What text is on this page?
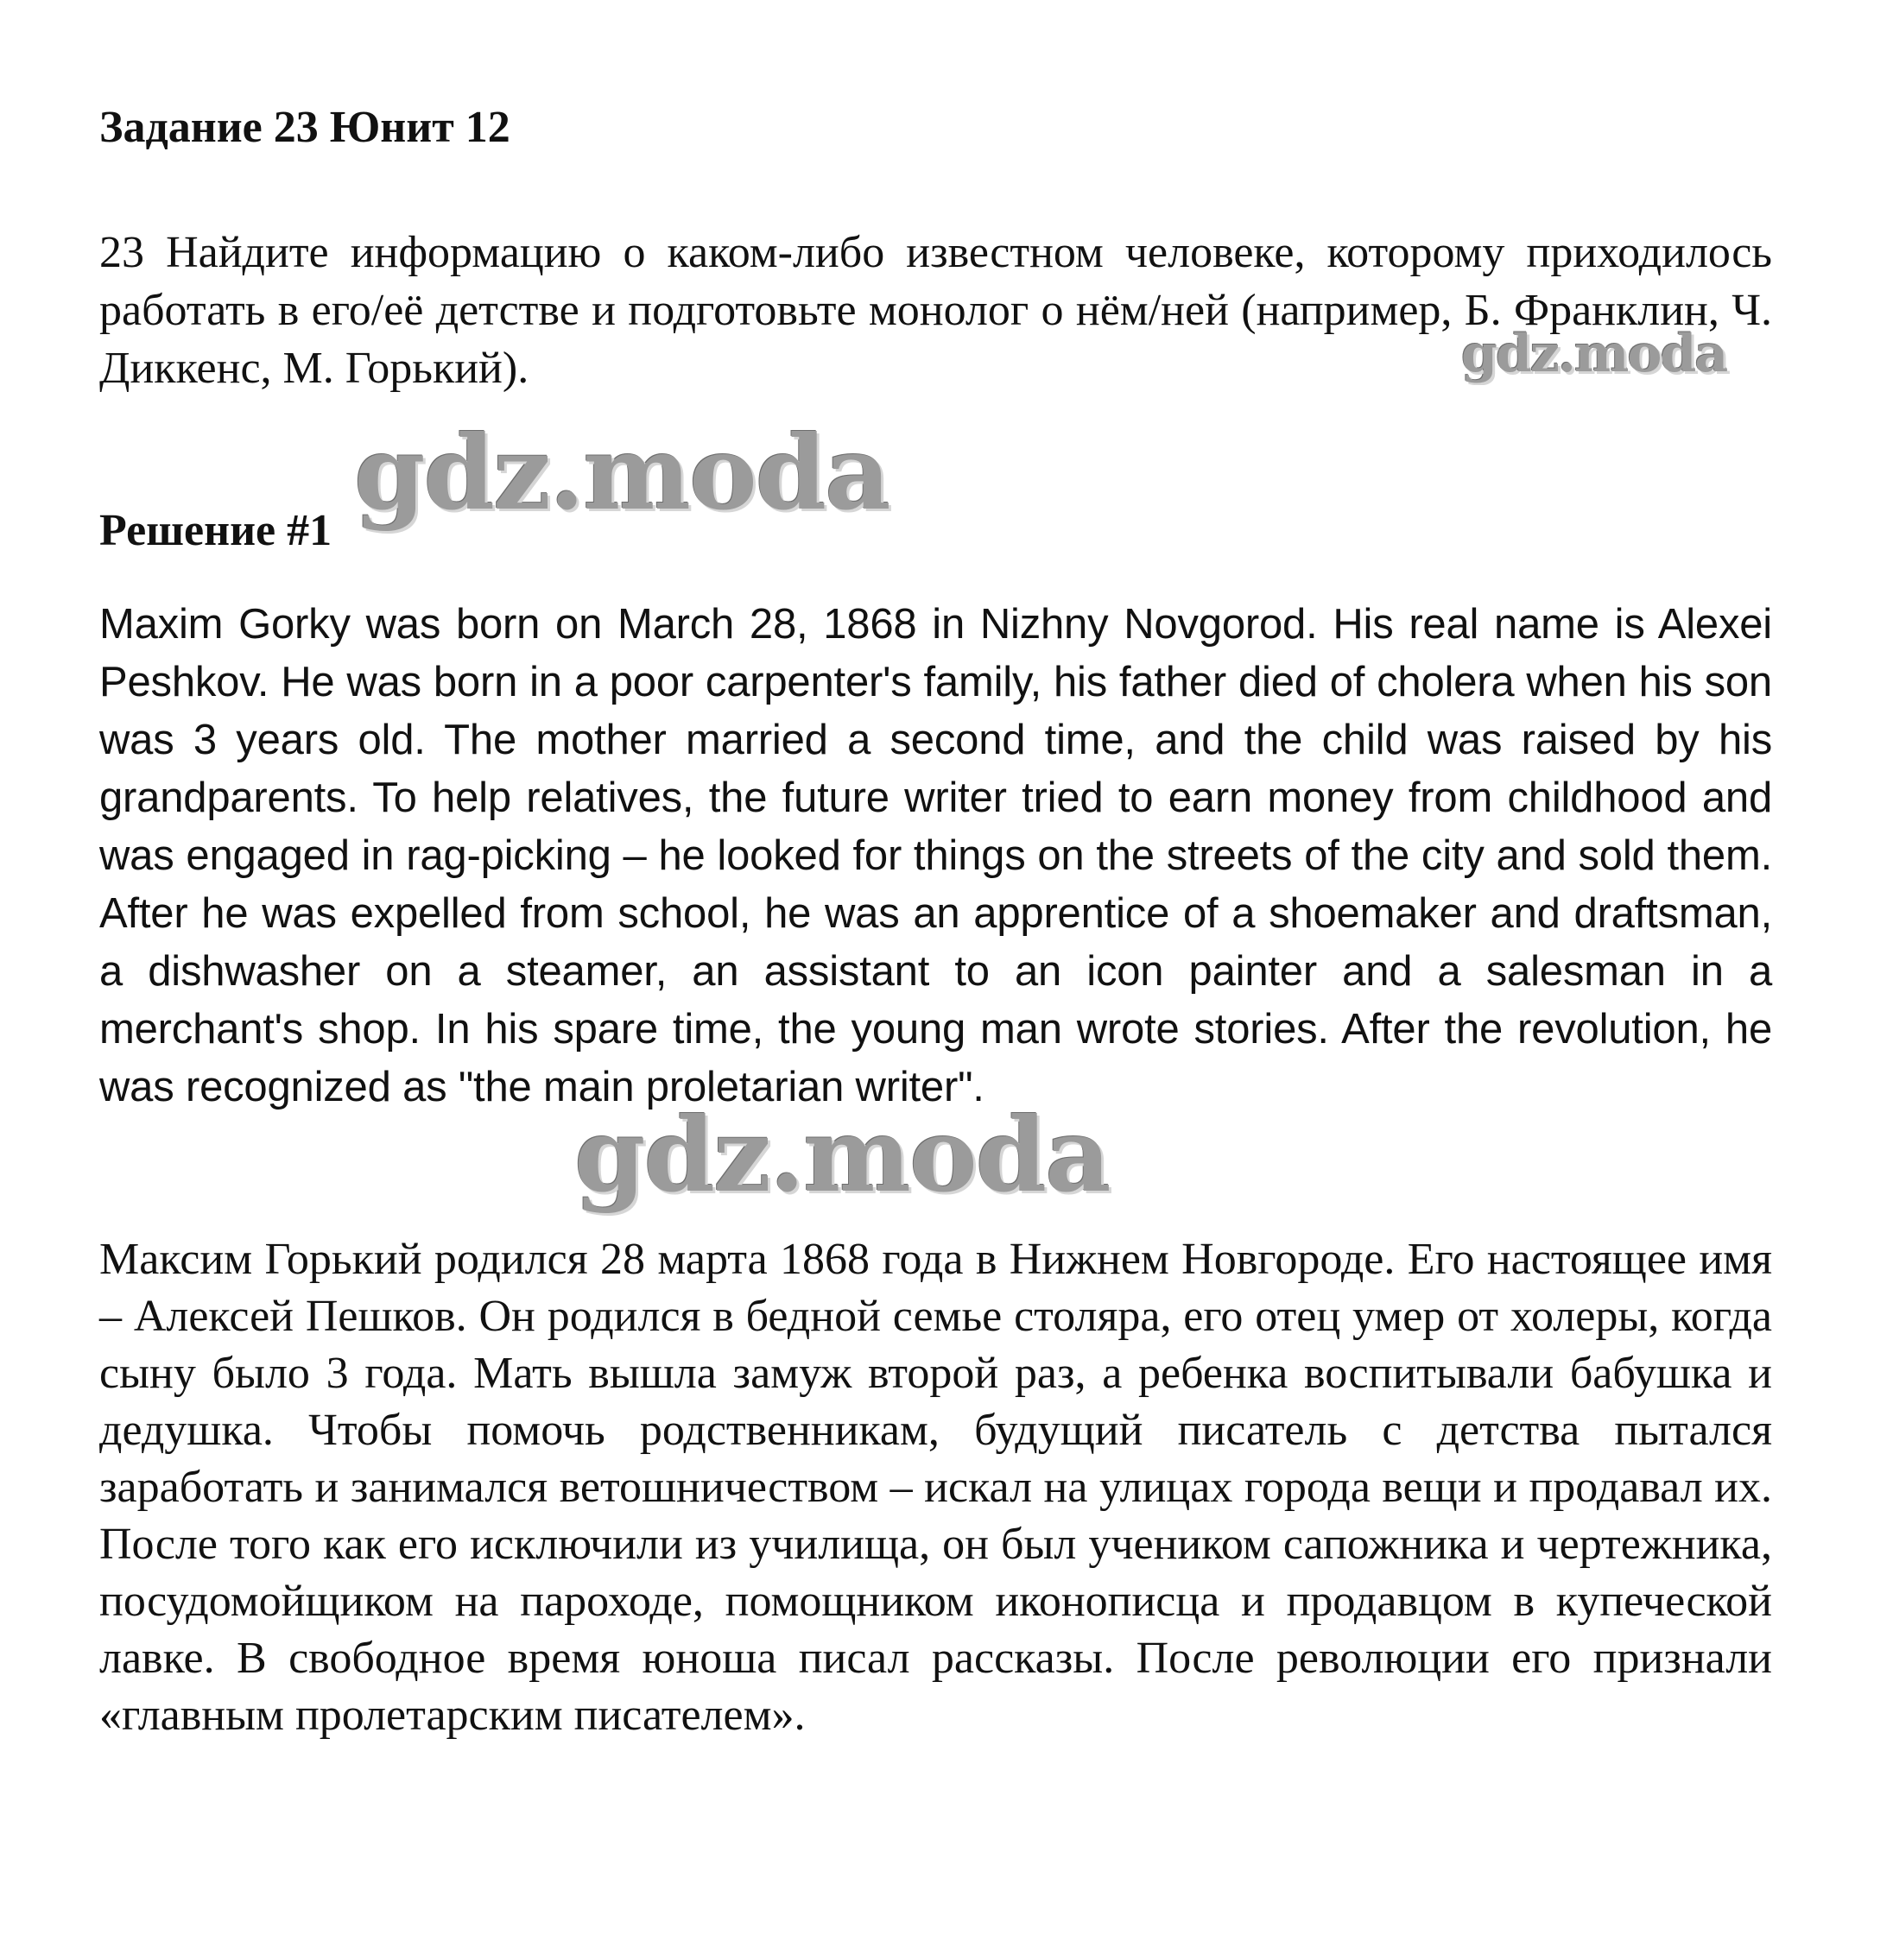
Задание 23 Юнит 12

23 Найдите информацию о каком-либо известном человеке, которому приходилось работать в его/её детстве и подготовьте монолог о нём/ней (например, Б. Франклин, Ч. Диккенс, М. Горький).	gdz.moda
gdz.moda
Решение #1

Maxim Gorky was born on March 28, 1868 in Nizhny Novgorod. His real name is Alexei Peshkov. He was born in a poor carpenter's family, his father died of cholera when his son was 3 years old. The mother married a second time, and the child was raised by his grandparents. To help relatives, the future writer tried to earn money from childhood and was engaged in rag-picking – he looked for things on the streets of the city and sold them. After he was expelled from school, he was an apprentice of a shoemaker and draftsman, a dishwasher on a steamer, an assistant to an icon painter and a salesman in a merchant's shop. In his spare time, the young man wrote stories. After the revolution, he was recognized as "the main proletarian writer".

gdz.moda

Максим Горький родился 28 марта 1868 года в Нижнем Новгороде. Его настоящее имя – Алексей Пешков. Он родился в бедной семье столяра, его отец умер от холеры, когда сыну было 3 года. Мать вышла замуж второй раз, а ребенка воспитывали бабушка и дедушка. Чтобы помочь родственникам, будущий писатель с детства пытался заработать и занимался ветошничеством – искал на улицах города вещи и продавал их. После того как его исключили из училища, он был учеником сапожника и чертежника, посудомойщиком на пароходе, помощником иконописца и продавцом в купеческой лавке. В свободное время юноша писал рассказы. После революции его признали «главным пролетарским писателем».
